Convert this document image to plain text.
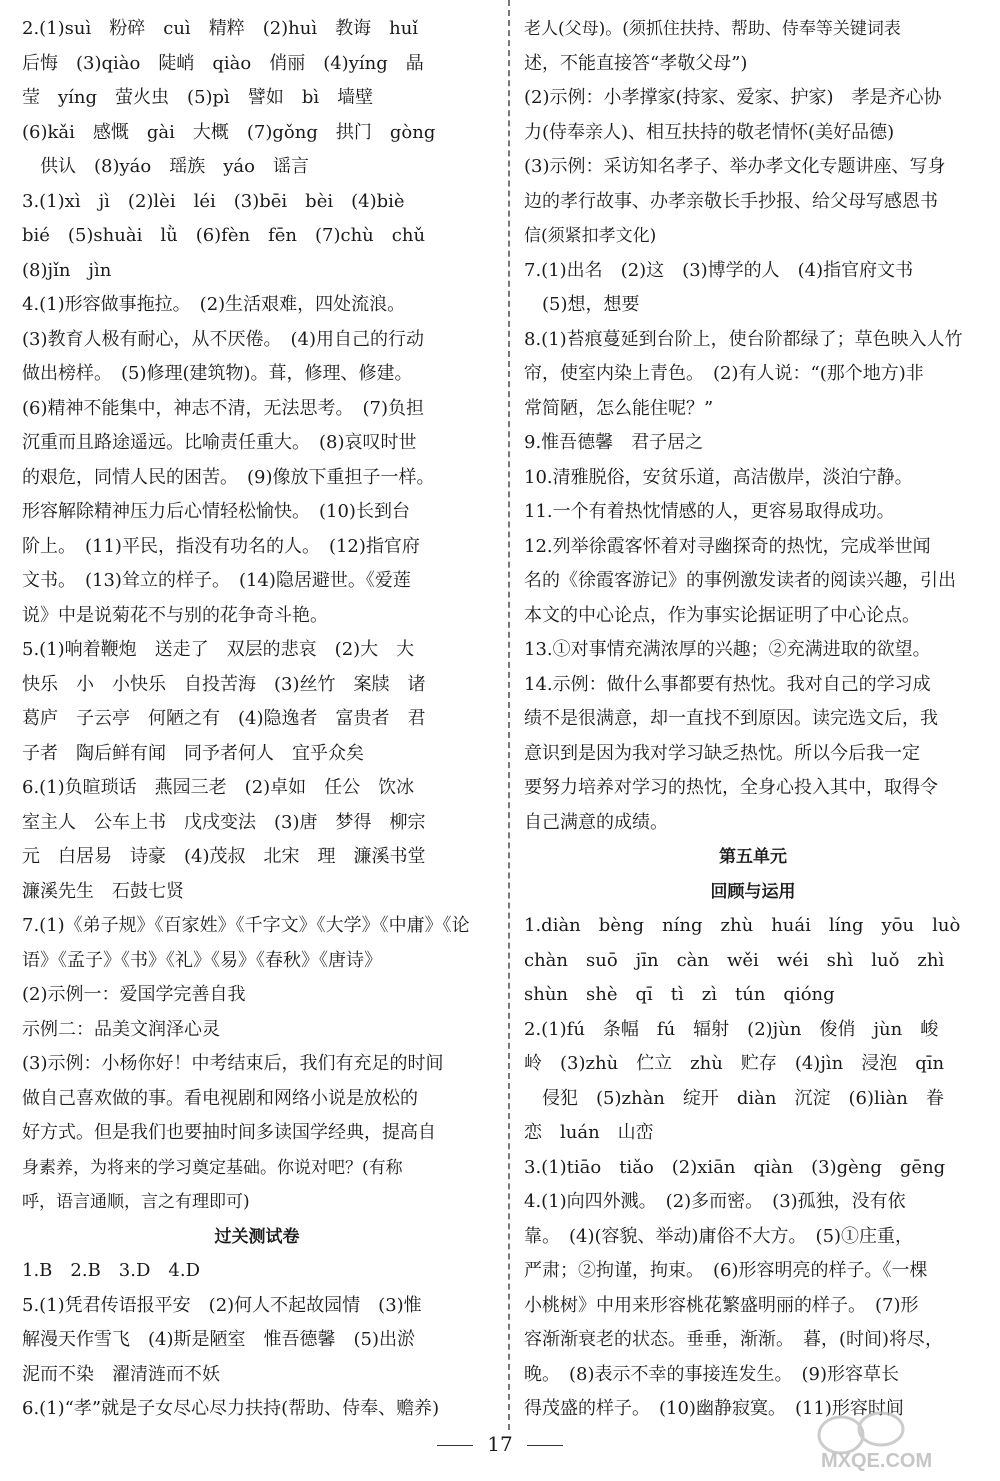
2.(1)suì　粉碎　cuì　精粹　(2)huì　教诲　huǐ
后悔　(3)qiào　陡峭　qiào　俏丽　(4)yíng　晶
莹　yíng　萤火虫　(5)pì　譬如　bì　墙壁
(6)kǎi　感慨　gài　大概　(7)gǒng　拱门　gòng
　供认　(8)yáo　瑶族　yáo　谣言
3.(1)xì　jì　(2)lèi　léi　(3)bēi　bèi　(4)biè
bié　(5)shuài　lǜ　(6)fèn　fēn　(7)chù　chǔ
(8)jǐn　jìn
4.(1)形容做事拖拉。　(2)生活艰难，四处流浪。
(3)教育人极有耐心，从不厌倦。　(4)用自己的行动
做出榜样。　(5)修理(建筑物)。葺，修理、修建。
(6)精神不能集中，神志不清，无法思考。　(7)负担
沉重而且路途遥远。比喻责任重大。　(8)哀叹时世
的艰危，同情人民的困苦。　(9)像放下重担子一样。
形容解除精神压力后心情轻松愉快。　(10)长到台
阶上。　(11)平民，指没有功名的人。　(12)指官府
文书。　(13)耸立的样子。　(14)隐居避世。《爱莲
说》中是说菊花不与别的花争奇斗艳。
5.(1)响着鞭炮　送走了　双层的悲哀　(2)大　大
快乐　小　小快乐　自投苦海　(3)丝竹　案牍　诸
葛庐　子云亭　何陋之有　(4)隐逸者　富贵者　君
子者　陶后鲜有闻　同予者何人　宜乎众矣
6.(1)负暄琐话　燕园三老　(2)卓如　任公　饮冰
室主人　公车上书　戊戌变法　(3)唐　梦得　柳宗
元　白居易　诗豪　(4)茂叔　北宋　理　濂溪书堂
濂溪先生　石鼓七贤
7.(1)《弟子规》《百家姓》《千字文》《大学》《中庸》《论
语》《孟子》《书》《礼》《易》《春秋》《唐诗》
(2)示例一：爱国学完善自我
示例二：品美文润泽心灵
(3)示例：小杨你好！中考结束后，我们有充足的时间
做自己喜欢做的事。看电视剧和网络小说是放松的
好方式。但是我们也要抽时间多读国学经典，提高自
身素养，为将来的学习奠定基础。你说对吧？(有称
呼，语言通顺，言之有理即可)
过关测试卷
1.B　2.B　3.D　4.D
5.(1)凭君传语报平安　(2)何人不起故园情　(3)惟
解漫天作雪飞　(4)斯是陋室　惟吾德馨　(5)出淤
泥而不染　濯清涟而不妖
6.(1)“孝”就是子女尽心尽力扶持(帮助、侍奉、赡养)
老人(父母)。(须抓住扶持、帮助、侍奉等关键词表
述，不能直接答“孝敬父母”)
(2)示例：小孝撑家(持家、爱家、护家)　孝是齐心协
力(侍奉亲人)、相互扶持的敬老情怀(美好品德)
(3)示例：采访知名孝子、举办孝文化专题讲座、写身
边的孝行故事、办孝亲敬长手抄报、给父母写感恩书
信(须紧扣孝文化)
7.(1)出名　(2)这　(3)博学的人　(4)指官府文书
　(5)想，想要
8.(1)苔痕蔓延到台阶上，使台阶都绿了；草色映入人竹
帘，使室内染上青色。　(2)有人说：“(那个地方)非
常简陋，怎么能住呢？”
9.惟吾德馨　君子居之
10.清雅脱俗，安贫乐道，高洁傲岸，淡泊宁静。
11.一个有着热忱情感的人，更容易取得成功。
12.列举徐霞客怀着对寻幽探奇的热忱，完成举世闻
名的《徐霞客游记》的事例激发读者的阅读兴趣，引出
本文的中心论点，作为事实论据证明了中心论点。
13.①对事情充满浓厚的兴趣；②充满进取的欲望。
14.示例：做什么事都要有热忱。我对自己的学习成
绩不是很满意，却一直找不到原因。读完选文后，我
意识到是因为我对学习缺乏热忱。所以今后我一定
要努力培养对学习的热忱，全身心投入其中，取得令
自己满意的成绩。
第五单元
回顾与运用
1.diàn　bèng　níng　zhù　huái　líng　yōu　luò
chàn　suō　jīn　càn　wěi　wéi　shì　luǒ　zhì
shùn　shè　qī　tì　zì　tún　qióng
2.(1)fú　条幅　fú　辐射　(2)jùn　俊俏　jùn　峻
岭　(3)zhù　伫立　zhù　贮存　(4)jìn　浸泡　qīn
　侵犯　(5)zhàn　绽开　diàn　沉淀　(6)liàn　眷
恋　luán　山峦
3.(1)tiāo　tiǎo　(2)xiān　qiàn　(3)gèng　gēng
4.(1)向四外溅。　(2)多而密。　(3)孤独，没有依
靠。　(4)(容貌、举动)庸俗不大方。　(5)①庄重，
严肃；②拘谨，拘束。　(6)形容明亮的样子。《一棵
小桃树》中用来形容桃花繁盛明丽的样子。　(7)形
容渐渐衰老的状态。垂垂，渐渐。　暮，(时间)将尽，
晚。　(8)表示不幸的事接连发生。　(9)形容草长
得茂盛的样子。　(10)幽静寂寞。　(11)形容时间
17
MXQE.COM
